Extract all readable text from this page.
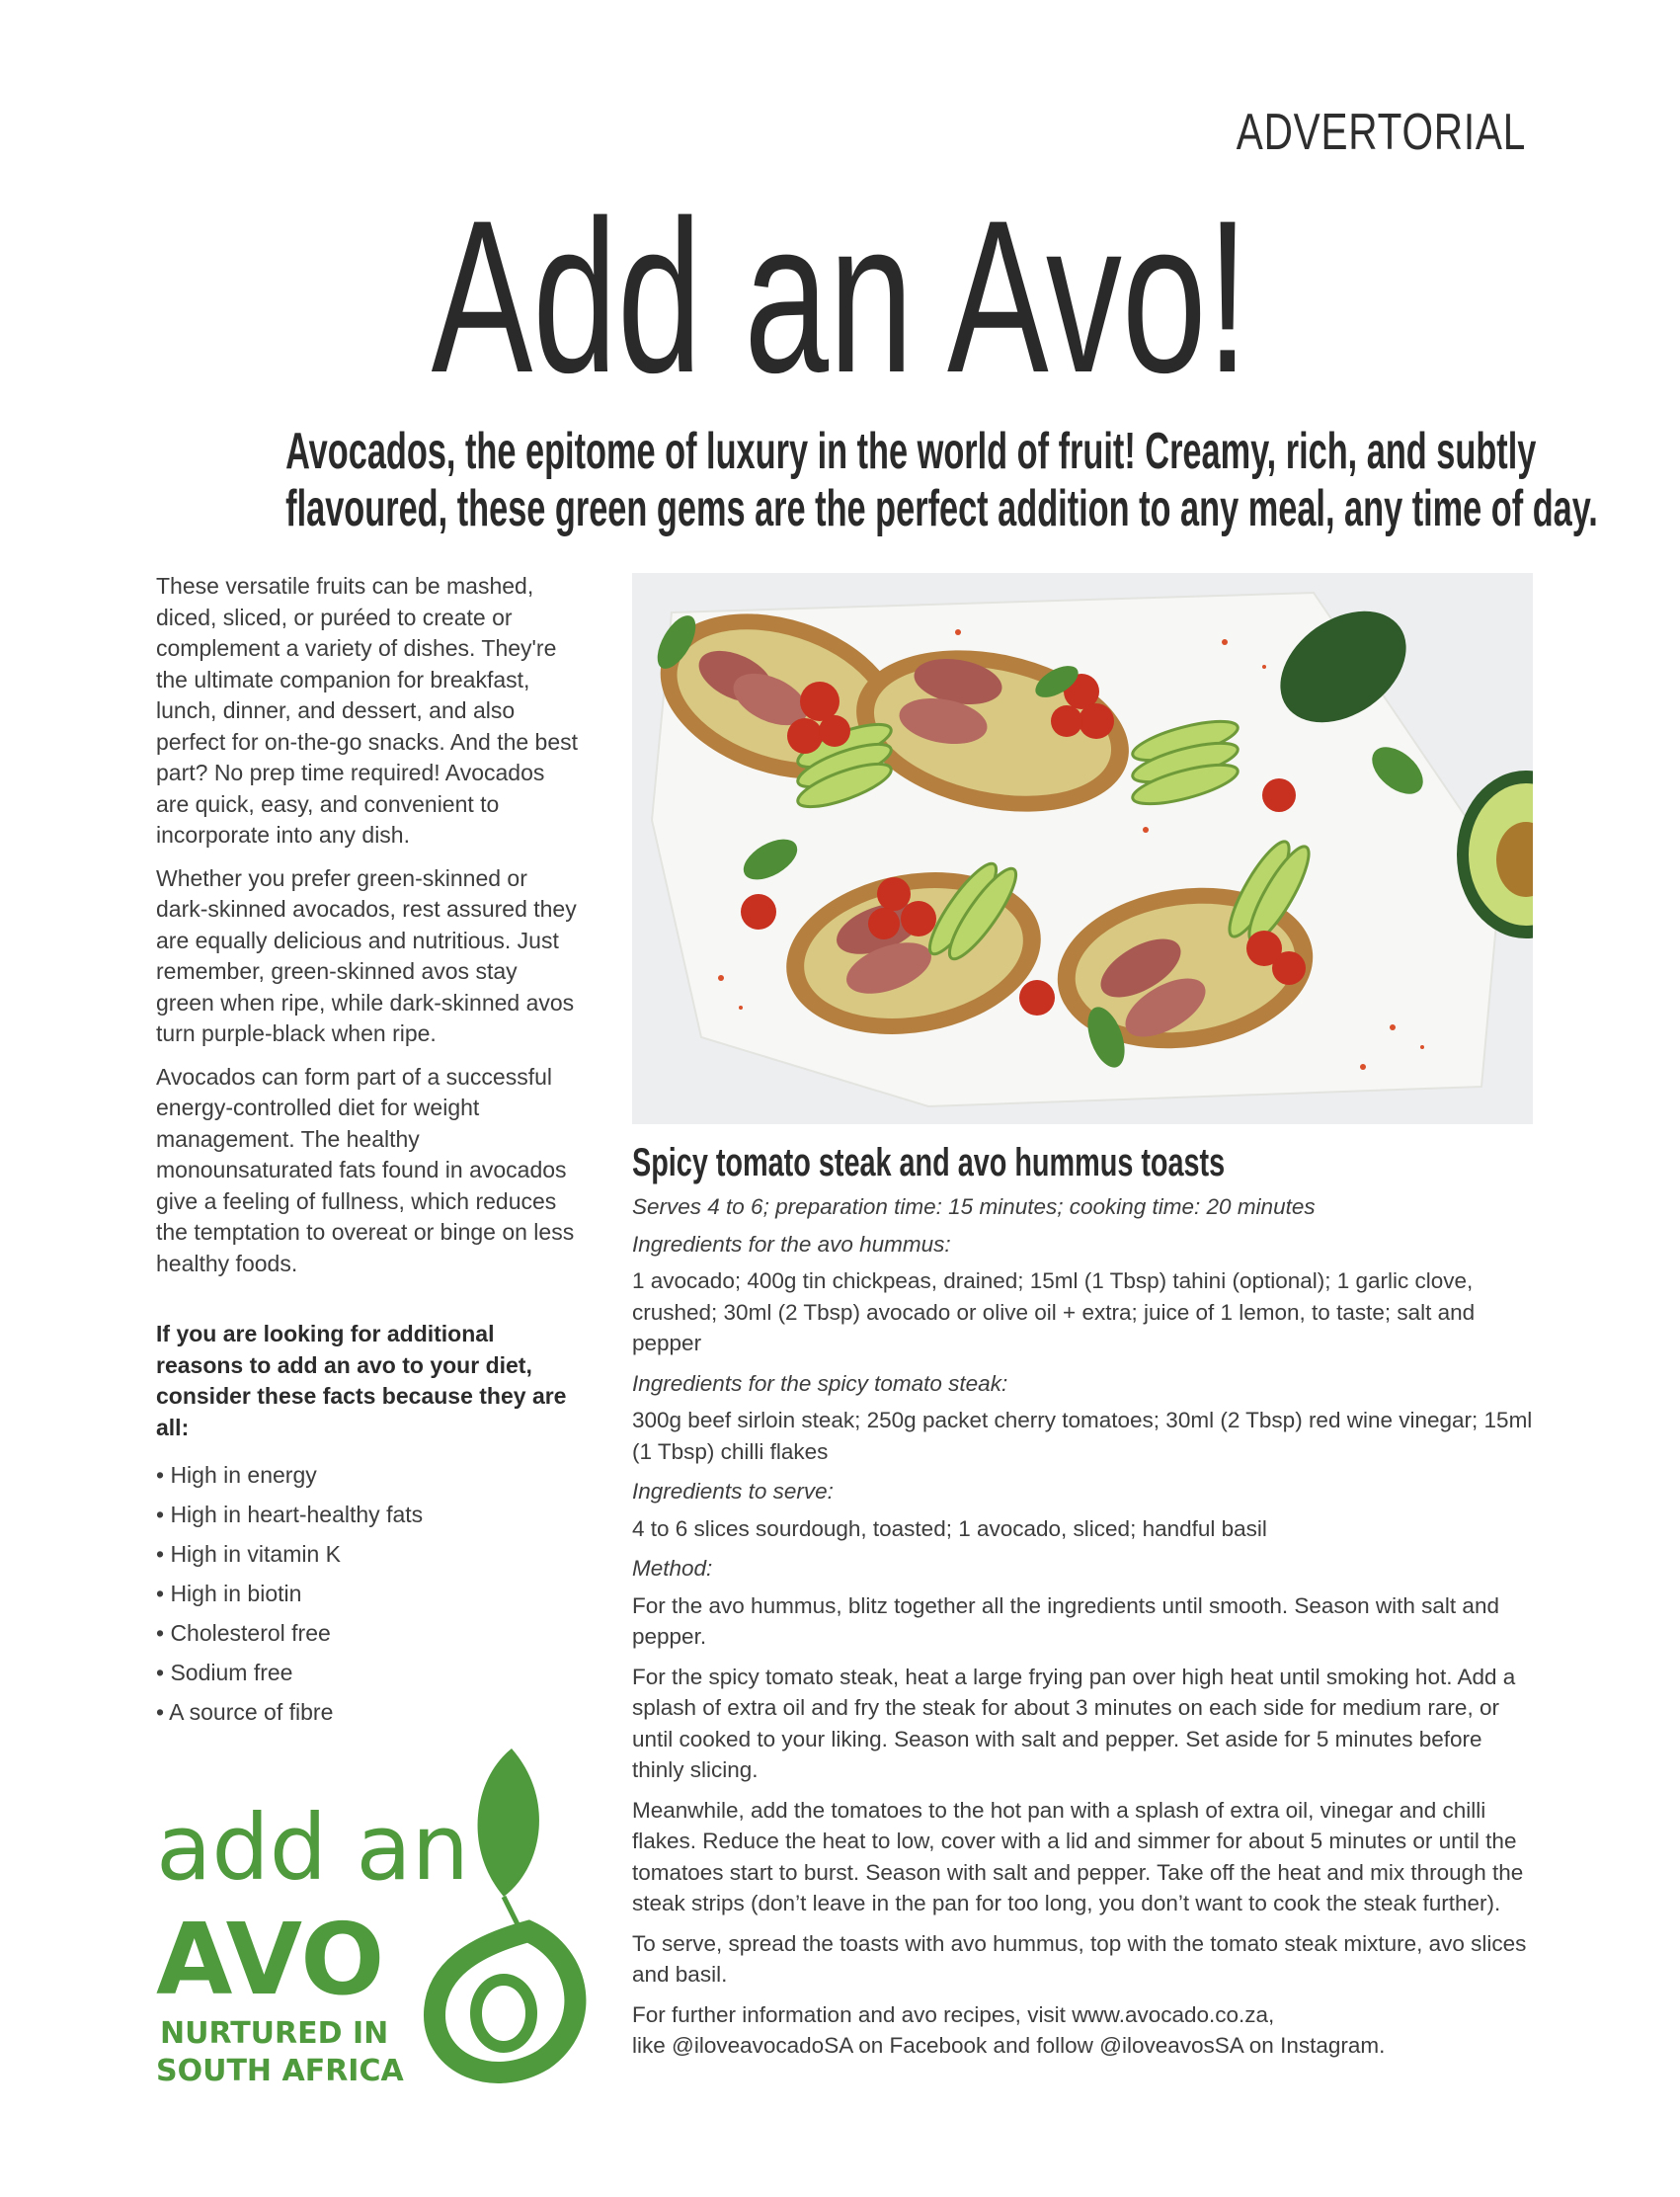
ADVERTORIAL
Add an Avo!
Avocados, the epitome of luxury in the world of fruit! Creamy, rich, and subtly
flavoured, these green gems are the perfect addition to any meal, any time of day.

These versatile fruits can be mashed, diced, sliced, or puréed to create or complement a variety of dishes. They're the ultimate companion for breakfast, lunch, dinner, and dessert, and also perfect for on-the-go snacks. And the best part? No prep time required! Avocados are quick, easy, and convenient to incorporate into any dish.

Whether you prefer green-skinned or dark-skinned avocados, rest assured they are equally delicious and nutritious. Just remember, green-skinned avos stay green when ripe, while dark-skinned avos turn purple-black when ripe.

Avocados can form part of a successful energy-controlled diet for weight management. The healthy monounsaturated fats found in avocados give a feeling of fullness, which reduces the temptation to overeat or binge on less healthy foods.

If you are looking for additional reasons to add an avo to your diet, consider these facts because they are all:

• High in energy
• High in heart-healthy fats
• High in vitamin K
• High in biotin
• Cholesterol free
• Sodium free
• A source of fibre
Spicy tomato steak and avo hummus toasts

Serves 4 to 6; preparation time: 15 minutes; cooking time: 20 minutes

Ingredients for the avo hummus:

1 avocado; 400g tin chickpeas, drained; 15ml (1 Tbsp) tahini (optional); 1 garlic clove, crushed; 30ml (2 Tbsp) avocado or olive oil + extra; juice of 1 lemon, to taste; salt and pepper

Ingredients for the spicy tomato steak:

300g beef sirloin steak; 250g packet cherry tomatoes; 30ml (2 Tbsp) red wine vinegar; 15ml (1 Tbsp) chilli flakes

Ingredients to serve:

4 to 6 slices sourdough, toasted; 1 avocado, sliced; handful basil

Method:

For the avo hummus, blitz together all the ingredients until smooth. Season with salt and pepper.

For the spicy tomato steak, heat a large frying pan over high heat until smoking hot. Add a splash of extra oil and fry the steak for about 3 minutes on each side for medium rare, or until cooked to your liking. Season with salt and pepper. Set aside for 5 minutes before thinly slicing.

Meanwhile, add the tomatoes to the hot pan with a splash of extra oil, vinegar and chilli flakes. Reduce the heat to low, cover with a lid and simmer for about 5 minutes or until the tomatoes start to burst. Season with salt and pepper. Take off the heat and mix through the steak strips (don’t leave in the pan for too long, you don’t want to cook the steak further).

To serve, spread the toasts with avo hummus, top with the tomato steak mixture, avo slices and basil.

For further information and avo recipes, visit www.avocado.co.za,
like @iloveavocadoSA on Facebook and follow @iloveavosSA on Instagram.

add an
AVO
NURTURED IN
SOUTH AFRICA
